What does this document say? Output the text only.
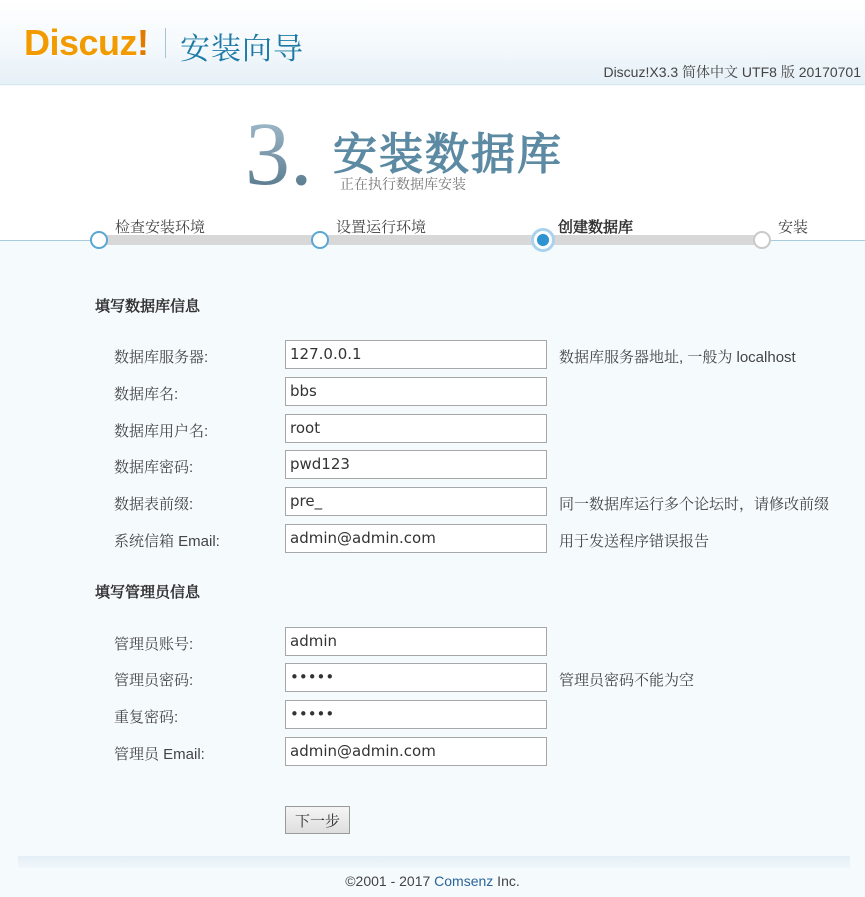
Discuz! 安装向导
Discuz!X3.3 简体中文 UTF8 版 20170701
3. 安装数据库
正在执行数据库安装
检查安装环境	设置运行环境	创建数据库	安装
填写数据库信息
数据库服务器:	127.0.0.1	数据库服务器地址, 一般为 localhost
数据库名:	bbs
数据库用户名:	root
数据库密码:	pwd123
数据表前缀:	pre_	同一数据库运行多个论坛时，请修改前缀
系统信箱 Email:	admin@admin.com	用于发送程序错误报告
填写管理员信息
管理员账号:	admin
管理员密码:	•••••	管理员密码不能为空
重复密码:	•••••
管理员 Email:	admin@admin.com
下一步
©2001 - 2017 Comsenz Inc.
